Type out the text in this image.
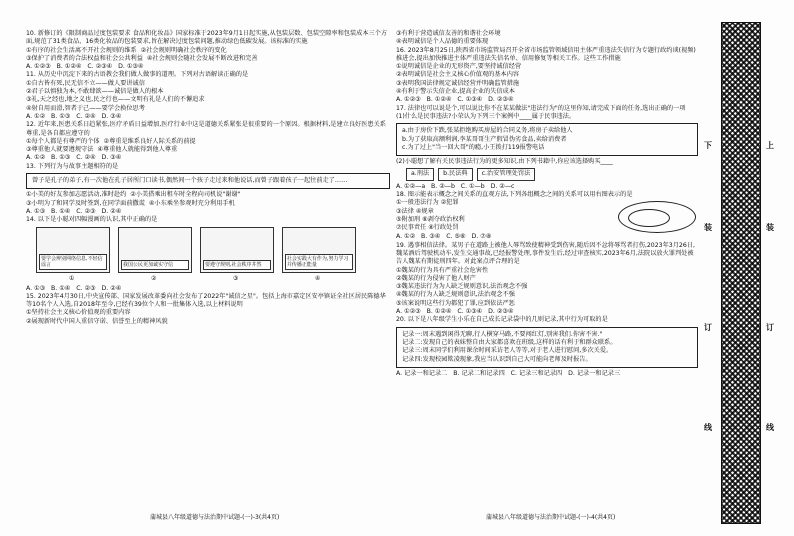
10. 新修订的《限制商品过度包装要求 食品和化妆品》国家标准于2023年9月1日起实施,从包装层数、包装空隙率和包装成本三个方面,规范了31类食品、16类化妆品的包装要求,旨在解决过度包装问题,推动绿色低碳发展。该标准的实施

①有序的社会生活离不开社会规则的维系 ②社会规则明确社会秩序的变化

③保护了消费者的合法权益和社会公共利益 ④社会规则会随社会发展不断改进和完善

A. ①②③   B. ①②④   C. ②③④   D. ①③④

11. 从历史中沉淀下来的古语教会我们做人做事的道理。下列对古语解读正确的是

①自古皆有死,民无信不立——做人要讲诚信

②君子以慎独为本,不敢肆欲——诚信是做人的根本

③礼,天之经也,地之义也,民之行也——文明有礼是人们的不懈追求

④射自用而滑,智者于己——要学会换位思考

A. ①②   B. ①③   C. ②④   D. ③④

12. 近年来,医患关系日趋紧张,医疗矛盾日益增加,医疗行业中这是道德关系紧张是很重要的一个原因。根据材料,是建立良好医患关系尊重,是各自都应遵守的

①每个人都是有尊严的个体 ②尊重是维系良好人际关系的前提

③尊重他人就要遵规守法 ④尊重他人就能得到他人尊重

A. ①②   B. ①③   C. ②④   D. ③④

13. 下列行为与故事主题相符的是

曾子是孔子的弟子,有一次他在孔子居所门口读书,偶然间一个孩子走过来和他说话,而曾子跟着孩子一起往前走了……

①小美的好友参加志愿活动,准时赴约 ②小美搭乘出租车时全程向司机说"谢谢"

③小明为了和同学及时签到,在同学面前撒谎 ④小东乘坐参观时充分利用手机

A. ①③   B. ①④   C. ②③   D. ②④

14. 以下是小聪对四幅漫画的认识,其中正确的是

要学会辨别网络信息,不轻信谣言
①

我国公民更加诚实守信
②

要遵守规则,社会秩序井然
③

社会实践大有作为,努力学习并传播正能量
④

A. ①③   B. ①④   C. ②③   D. ②④

15. 2023年4月30日,中央宣传部、国家发展改革委向社会发布了2022年"诚信之星"。包括上海市嘉定区安亭镇证全社区居民陈德华等10名个人入选,自2018年至今,已经有39位个人和一批集体入选,以上材料说明

①坚持社会主义核心价值观的重要内容

②展现新时代中国人重信守诺、信誉至上的精神风貌

蒲城县八年级道德与法治期中试题-(一)-3(共4页)

③有利于营造诚信友善的和谐社会环境

④表明诚信是个人品德的重要体现

16. 2023年8月25日,陕西省市场监管局召开全省市场监管领域信用主体严重违法失信行为专题行政约谈(视频)推进会,提出加快推进主体严重违法失信名单、信用修复等相关工作。这些工作措施

①说明诚信是企业的无形资产,要坚持诚信经营

②表明诚信是社会主义核心价值观的基本内容

③表明我国法律规定诚信经营并明确监管措施

④有利于警示失信企业,提高企业的失信成本

A. ①②③   B. ①②④   C. ①③④   D. ②③④

17. 法律也可以说是个,可以说比你不在某某做法"违法行为"的这里你知,请完成下面的任务,选出正确的一项

(1)什么是民事违法?小荣认为下列三个案例中____属于民事违法。

a.由于房价下跌,张某拒绝购买房屋的合同义务,将房子卖给他人

b.为了获取高额利润,李某哥哥生产假冒伪劣食品,卖给消费者

c.为了过上"当一回大哥"的瘾,小王拨打119报警电话

(2)小聪想了解有关民事违法行为的更多知识,由下列书籍中,你应该选择购买____

a.刑法	b.民法典	c.治安管理处罚法

A. ①②—a   B. ②—b   C. ①—b   D. ②—c

18. 图示能表示概念之间关系的直观方法,下列各组概念之间的关系可以用右图表示的是

①一般违法行为 ②犯罪

③法律 ④规章

⑤附加刑 ⑥剥夺政治权利

⑦民事责任 ⑧行政处罚

A. ①②   B. ③④   C. ⑤⑥   D. ⑦⑧

19. 遇事相信法律。某男子在道路上被他人辱骂致使精神受到伤害,随后因不忿将辱骂者打伤,2023年3月26日,魏某酒后驾驶机动车,发生交通事故,已经报警处理,事件发生后,经过审查核实,2023年6月,法院以放火罪判处被告人魏某有期徒刑四年。对此案点评合理的是

①魏某的行为具有严重社会危害性

②魏某的行为侵害了他人财产

③魏某违法行为为人缺乏规则意识,法治观念不强

④魏某的行为人缺乏规则意识,法治观念不强

⑤该案说明这些行为都犯了罪,应到依法严惩

A. ①②③   B. ①②④   C. ①③④   D. ②③④

20. 以下是八年级学生小乐在自己成长记录袋中的几则记录,其中行为可取的是

记录一:周末遇到闲得无聊,行人横穿马路,不要闯红灯,别害我们.你害不害."

记录二:发现自己的表妹整自由大家都喜欢在班级,这样的话有利于和群众联系。

记录三:周末同学们利用课余时间采访老人等等,对于老人进行慰问,多次关爱。

记录四:发现校园欺凌现象,我应当认识到自己大可能向老师及时报告。

A. 记录一和记录二   B. 记录二和记录四   C. 记录三和记录四   D. 记录一和记录三

蒲城县八年级道德与法治期中试题-(一)-4(共4页)
下
装
订
线
上
装
订
线
